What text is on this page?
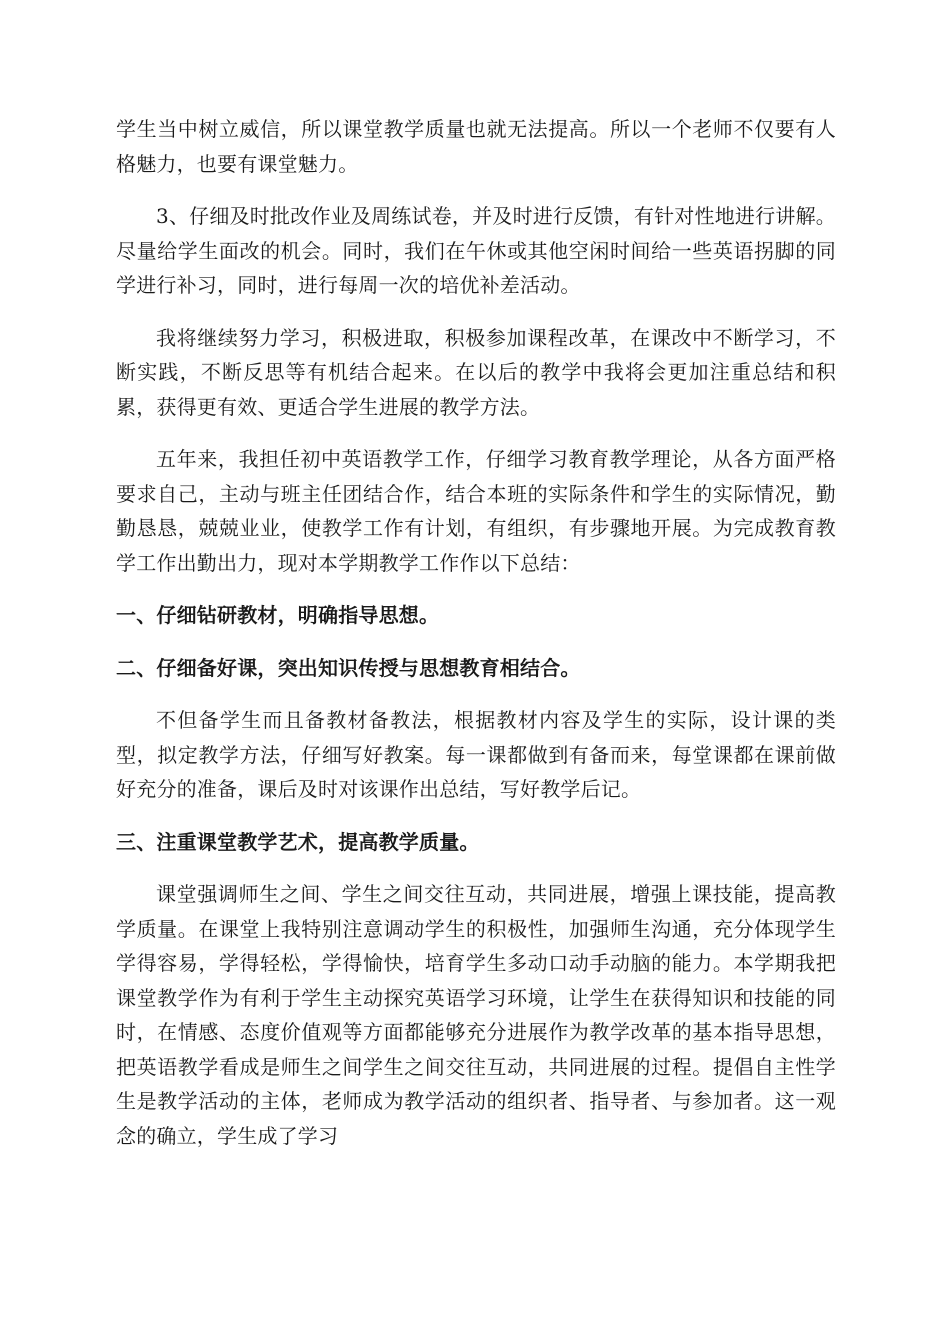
学生当中树立威信，所以课堂教学质量也就无法提高。所以一个老师不仅要有人格魅力，也要有课堂魅力。

3、仔细及时批改作业及周练试卷，并及时进行反馈，有针对性地进行讲解。尽量给学生面改的机会。同时，我们在午休或其他空闲时间给一些英语拐脚的同学进行补习，同时，进行每周一次的培优补差活动。

我将继续努力学习，积极进取，积极参加课程改革，在课改中不断学习，不断实践，不断反思等有机结合起来。在以后的教学中我将会更加注重总结和积累，获得更有效、更适合学生进展的教学方法。

五年来，我担任初中英语教学工作，仔细学习教育教学理论，从各方面严格要求自己，主动与班主任团结合作，结合本班的实际条件和学生的实际情况，勤勤恳恳，兢兢业业，使教学工作有计划，有组织，有步骤地开展。为完成教育教学工作出勤出力，现对本学期教学工作作以下总结：

一、仔细钻研教材，明确指导思想。
二、仔细备好课，突出知识传授与思想教育相结合。

不但备学生而且备教材备教法，根据教材内容及学生的实际，设计课的类型，拟定教学方法，仔细写好教案。每一课都做到有备而来，每堂课都在课前做好充分的准备，课后及时对该课作出总结，写好教学后记。

三、注重课堂教学艺术，提高教学质量。

课堂强调师生之间、学生之间交往互动，共同进展，增强上课技能，提高教学质量。在课堂上我特别注意调动学生的积极性，加强师生沟通，充分体现学生学得容易，学得轻松，学得愉快，培育学生多动口动手动脑的能力。本学期我把课堂教学作为有利于学生主动探究英语学习环境，让学生在获得知识和技能的同时，在情感、态度价值观等方面都能够充分进展作为教学改革的基本指导思想，把英语教学看成是师生之间学生之间交往互动，共同进展的过程。提倡自主性学生是教学活动的主体，老师成为教学活动的组织者、指导者、与参加者。这一观念的确立，学生成了学习
